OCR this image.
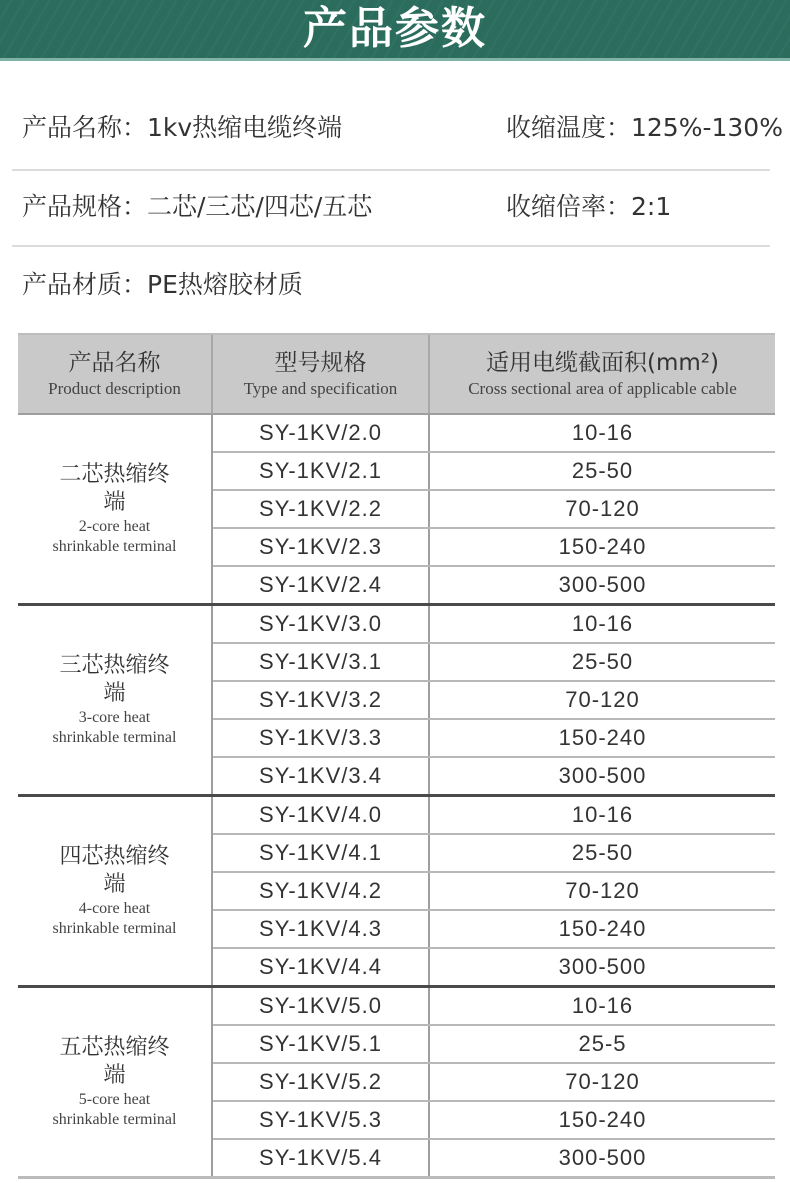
产品参数
产品名称：1kv热缩电缆终端	收缩温度：125%-130%
产品规格：二芯/三芯/四芯/五芯	收缩倍率：2:1
产品材质：PE热熔胶材质
产品名称
Product description
型号规格
Type and specification
适用电缆截面积(mm²)
Cross sectional area of applicable cable
二芯热缩终端
2-core heat
shrinkable terminal
SY-1KV/2.0	10-16
SY-1KV/2.1	25-50
SY-1KV/2.2	70-120
SY-1KV/2.3	150-240
SY-1KV/2.4	300-500
三芯热缩终端
3-core heat
shrinkable terminal
SY-1KV/3.0	10-16
SY-1KV/3.1	25-50
SY-1KV/3.2	70-120
SY-1KV/3.3	150-240
SY-1KV/3.4	300-500
四芯热缩终端
4-core heat
shrinkable terminal
SY-1KV/4.0	10-16
SY-1KV/4.1	25-50
SY-1KV/4.2	70-120
SY-1KV/4.3	150-240
SY-1KV/4.4	300-500
五芯热缩终端
5-core heat
shrinkable terminal
SY-1KV/5.0	10-16
SY-1KV/5.1	25-5
SY-1KV/5.2	70-120
SY-1KV/5.3	150-240
SY-1KV/5.4	300-500
